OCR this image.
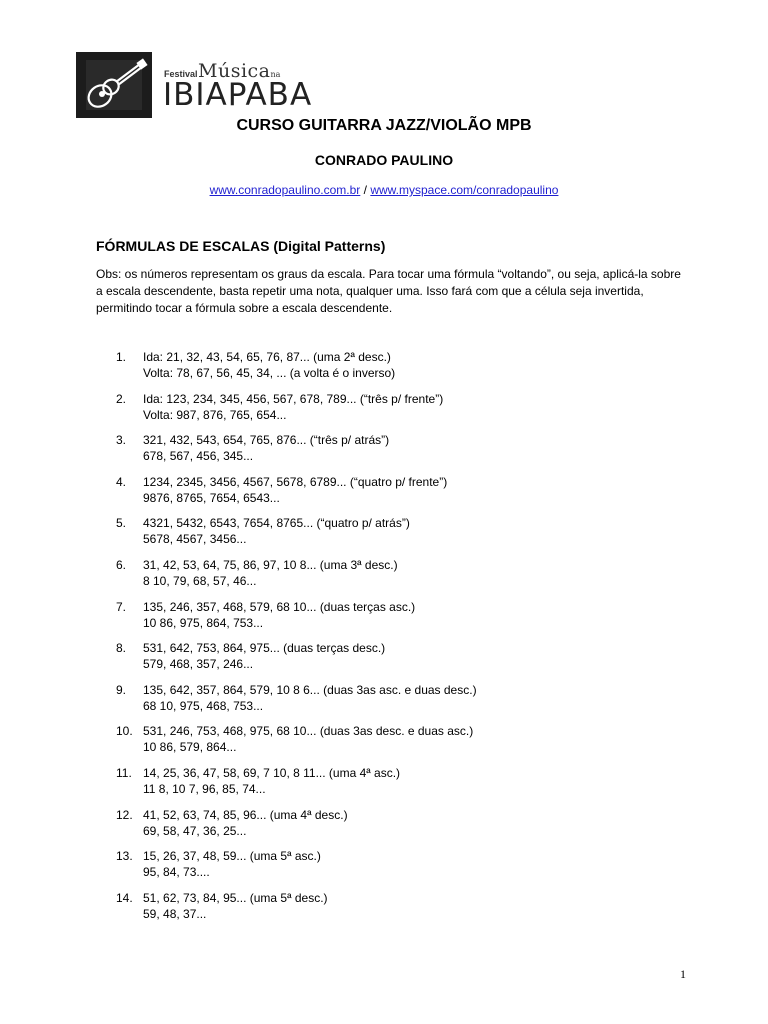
Festival Músicana
IBIAPABA
CURSO GUITARRA JAZZ/VIOLÃO MPB
CONRADO PAULINO
www.conradopaulino.com.br / www.myspace.com/conradopaulino
FÓRMULAS DE ESCALAS (Digital Patterns)
Obs: os números representam os graus da escala. Para tocar uma fórmula “voltando”, ou seja, aplicá-la sobre a escala descendente, basta repetir uma nota, qualquer uma. Isso fará com que a célula seja invertida, permitindo tocar a fórmula sobre a escala descendente.
1.	Ida: 21, 32, 43, 54, 65, 76, 87... (uma 2ª desc.)
Volta: 78, 67, 56, 45, 34, ... (a volta é o inverso)
2.	Ida: 123, 234, 345, 456, 567, 678, 789... (“três p/ frente”)
Volta: 987, 876, 765, 654...
3.	321, 432, 543, 654, 765, 876... (“três p/ atrás”)
678, 567, 456, 345...
4.	1234, 2345, 3456, 4567, 5678, 6789... (“quatro p/ frente”)
9876, 8765, 7654, 6543...
5.	4321, 5432, 6543, 7654, 8765... (“quatro p/ atrás”)
5678, 4567, 3456...
6.	31, 42, 53, 64, 75, 86, 97, 10 8... (uma 3ª desc.)
8 10, 79, 68, 57, 46...
7.	135, 246, 357, 468, 579, 68 10... (duas terças asc.)
10 86, 975, 864, 753...
8.	531, 642, 753, 864, 975... (duas terças desc.)
579, 468, 357, 246...
9.	135, 642, 357, 864, 579, 10 8 6... (duas 3as asc. e duas desc.)
68 10, 975, 468, 753...
10. 531, 246, 753, 468, 975, 68 10... (duas 3as desc. e duas asc.)
10 86, 579, 864...
11. 14, 25, 36, 47, 58, 69, 7 10, 8 11... (uma 4ª asc.)
11 8, 10 7, 96, 85, 74...
12. 41, 52, 63, 74, 85, 96... (uma 4ª desc.)
69, 58, 47, 36, 25...
13. 15, 26, 37, 48, 59... (uma 5ª asc.)
95, 84, 73....
14. 51, 62, 73, 84, 95... (uma 5ª desc.)
59, 48, 37...
1
